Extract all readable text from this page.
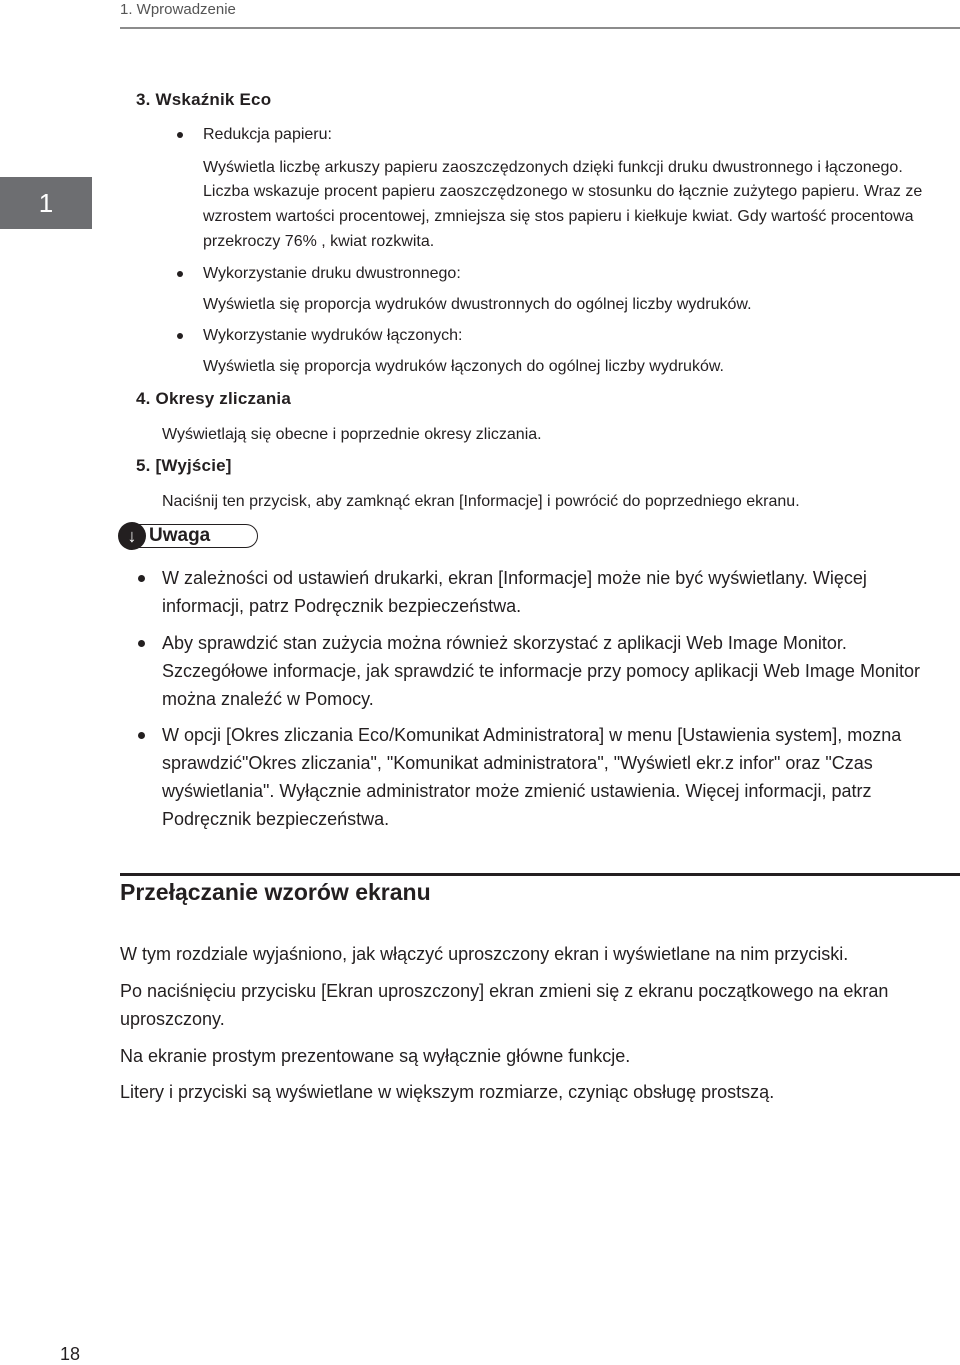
1. Wprowadzenie
1
3. Wskaźnik Eco
Redukcja papieru:
Wyświetla liczbę arkuszy papieru zaoszczędzonych dzięki funkcji druku dwustronnego i łączonego.
Liczba wskazuje procent papieru zaoszczędzonego w stosunku do łącznie zużytego papieru. Wraz ze
wzrostem wartości procentowej, zmniejsza się stos papieru i kiełkuje kwiat. Gdy wartość procentowa
przekroczy 76% , kwiat rozkwita.
Wykorzystanie druku dwustronnego:
Wyświetla się proporcja wydruków dwustronnych do ogólnej liczby wydruków.
Wykorzystanie wydruków łączonych:
Wyświetla się proporcja wydruków łączonych do ogólnej liczby wydruków.
4. Okresy zliczania
Wyświetlają się obecne i poprzednie okresy zliczania.
5. [Wyjście]
Naciśnij ten przycisk, aby zamknąć ekran [Informacje] i powrócić do poprzedniego ekranu.
↓ Uwaga
W zależności od ustawień drukarki, ekran [Informacje] może nie być wyświetlany. Więcej
informacji, patrz Podręcznik bezpieczeństwa.
Aby sprawdzić stan zużycia można również skorzystać z aplikacji Web Image Monitor.
Szczegółowe informacje, jak sprawdzić te informacje przy pomocy aplikacji Web Image Monitor
można znaleźć w Pomocy.
W opcji [Okres zliczania Eco/Komunikat Administratora] w menu [Ustawienia system], mozna
sprawdzić"Okres zliczania", "Komunikat administratora", "Wyświetl ekr.z infor" oraz "Czas
wyświetlania". Wyłącznie administrator może zmienić ustawienia. Więcej informacji, patrz
Podręcznik bezpieczeństwa.
Przełączanie wzorów ekranu
W tym rozdziale wyjaśniono, jak włączyć uproszczony ekran i wyświetlane na nim przyciski.
Po naciśnięciu przycisku [Ekran uproszczony] ekran zmieni się z ekranu początkowego na ekran
uproszczony.
Na ekranie prostym prezentowane są wyłącznie główne funkcje.
Litery i przyciski są wyświetlane w większym rozmiarze, czyniąc obsługę prostszą.
18
